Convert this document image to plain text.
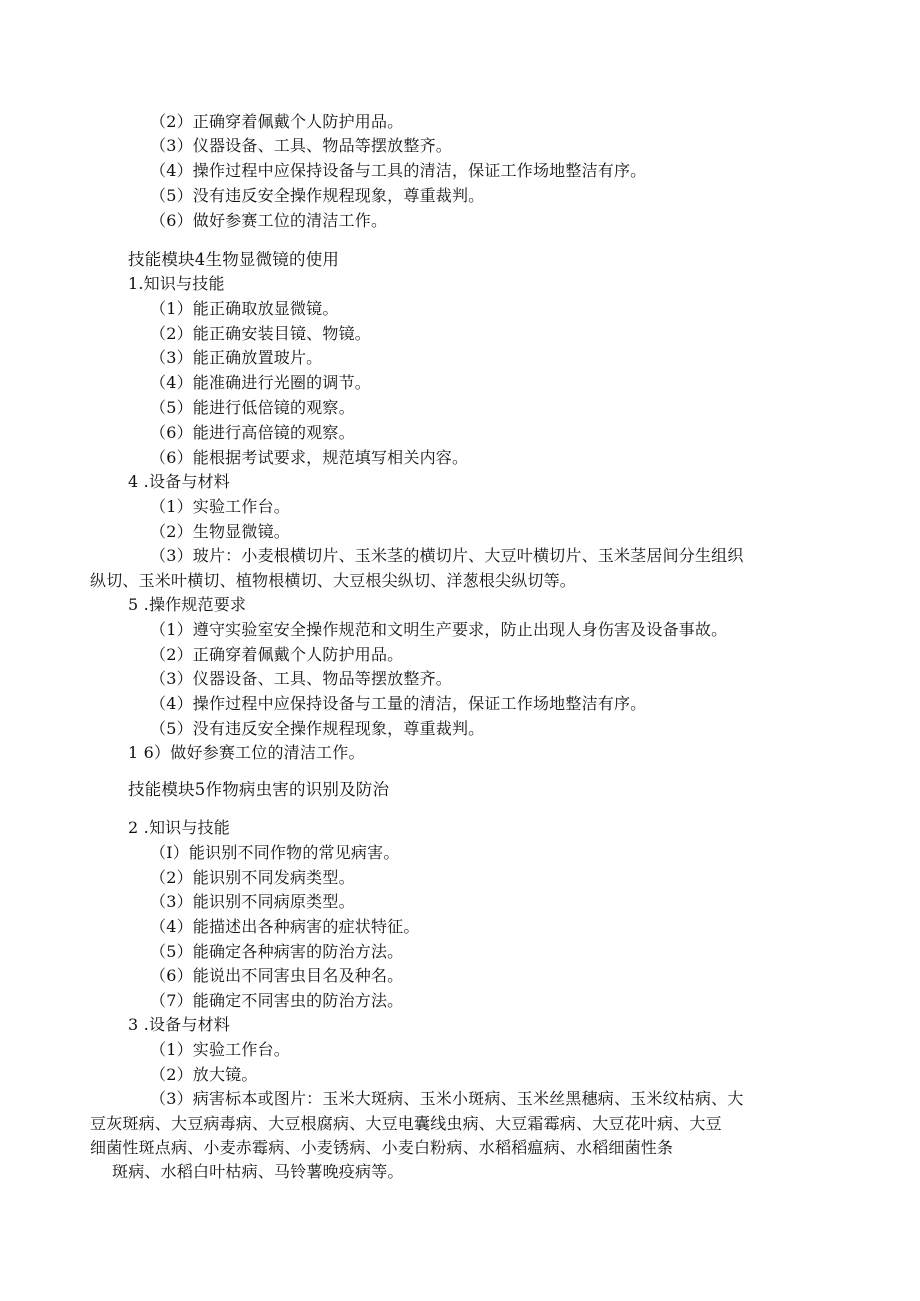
（2）正确穿着佩戴个人防护用品。
（3）仪器设备、工具、物品等摆放整齐。
（4）操作过程中应保持设备与工具的清洁，保证工作场地整洁有序。
（5）没有违反安全操作规程现象，尊重裁判。
（6）做好参赛工位的清洁工作。
技能模块4生物显微镜的使用
1.知识与技能
（1）能正确取放显微镜。
（2）能正确安装目镜、物镜。
（3）能正确放置玻片。
（4）能准确进行光圈的调节。
（5）能进行低倍镜的观察。
（6）能进行高倍镜的观察。
（6）能根据考试要求，规范填写相关内容。
4 .设备与材料
（1）实验工作台。
（2）生物显微镜。
（3）玻片：小麦根横切片、玉米茎的横切片、大豆叶横切片、玉米茎居间分生组织
纵切、玉米叶横切、植物根横切、大豆根尖纵切、洋葱根尖纵切等。
5 .操作规范要求
（1）遵守实验室安全操作规范和文明生产要求，防止出现人身伤害及设备事故。
（2）正确穿着佩戴个人防护用品。
（3）仪器设备、工具、物品等摆放整齐。
（4）操作过程中应保持设备与工量的清洁，保证工作场地整洁有序。
（5）没有违反安全操作规程现象，尊重裁判。
1 6）做好参赛工位的清洁工作。
技能模块5作物病虫害的识别及防治
2 .知识与技能
（I）能识别不同作物的常见病害。
（2）能识别不同发病类型。
（3）能识别不同病原类型。
（4）能描述出各种病害的症状特征。
（5）能确定各种病害的防治方法。
（6）能说出不同害虫目名及种名。
（7）能确定不同害虫的防治方法。
3 .设备与材料
（1）实验工作台。
（2）放大镜。
（3）病害标本或图片：玉米大斑病、玉米小斑病、玉米丝黑穗病、玉米纹枯病、大
豆灰斑病、大豆病毒病、大豆根腐病、大豆电囊线虫病、大豆霜霉病、大豆花叶病、大豆
细菌性斑点病、小麦赤霉病、小麦锈病、小麦白粉病、水稻稻瘟病、水稻细菌性条
斑病、水稻白叶枯病、马铃薯晚疫病等。
